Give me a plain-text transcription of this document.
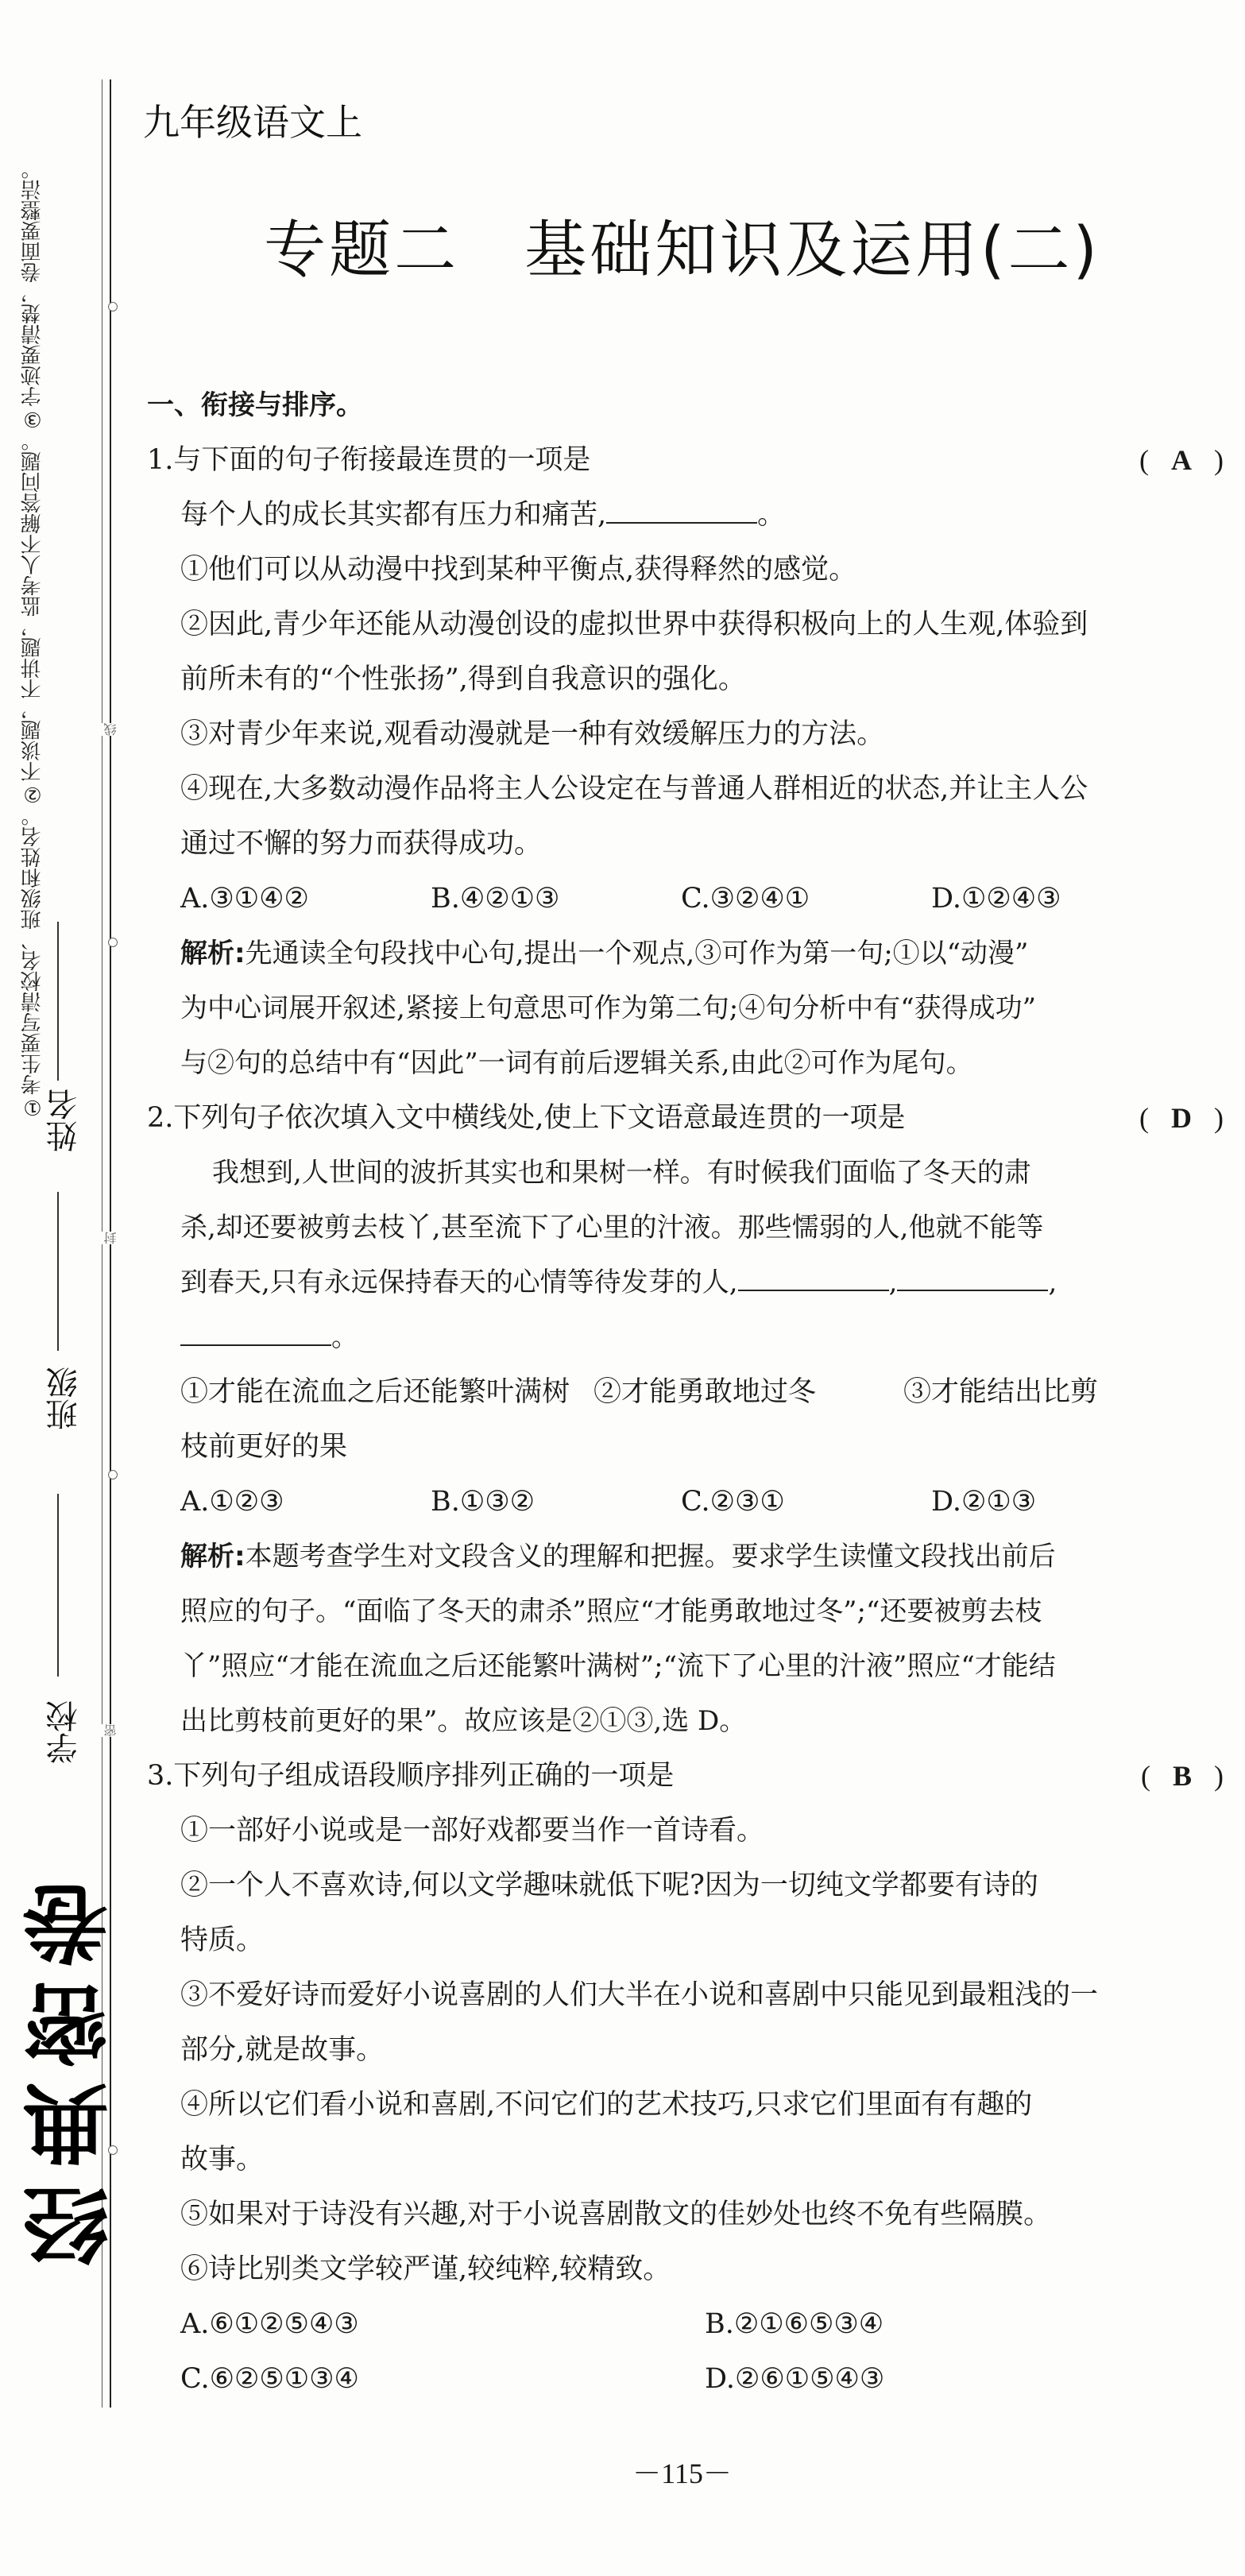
①考生要写清校名、班级和姓名。②不谈题，不讲题，监考人不解答问题。③字迹要清楚，卷面要整洁。
姓名
班级
学校
线
封
密
经典密卷
九年级语文上
专题二　基础知识及运用(二)
一、衔接与排序。
1.与下面的句子衔接最连贯的一项是	( A )
每个人的成长其实都有压力和痛苦,	。
①他们可以从动漫中找到某种平衡点,获得释然的感觉。
②因此,青少年还能从动漫创设的虚拟世界中获得积极向上的人生观,体验到
前所未有的“个性张扬”,得到自我意识的强化。
③对青少年来说,观看动漫就是一种有效缓解压力的方法。
④现在,大多数动漫作品将主人公设定在与普通人群相近的状态,并让主人公
通过不懈的努力而获得成功。
A.③①④②	B.④②①③	C.③②④①	D.①②④③
解析:先通读全句段找中心句,提出一个观点,③可作为第一句;①以“动漫”
为中心词展开叙述,紧接上句意思可作为第二句;④句分析中有“获得成功”
与②句的总结中有“因此”一词有前后逻辑关系,由此②可作为尾句。
2.下列句子依次填入文中横线处,使上下文语意最连贯的一项是	( D )
我想到,人世间的波折其实也和果树一样。有时候我们面临了冬天的肃
杀,却还要被剪去枝丫,甚至流下了心里的汁液。那些懦弱的人,他就不能等
到春天,只有永远保持春天的心情等待发芽的人,	,	,
。
①才能在流血之后还能繁叶满树 ②才能勇敢地过冬	③才能结出比剪
枝前更好的果
A.①②③	B.①③②	C.②③①	D.②①③
解析:本题考查学生对文段含义的理解和把握。要求学生读懂文段找出前后
照应的句子。“面临了冬天的肃杀”照应“才能勇敢地过冬”;“还要被剪去枝
丫”照应“才能在流血之后还能繁叶满树”;“流下了心里的汁液”照应“才能结
出比剪枝前更好的果”。故应该是②①③,选 D。
3.下列句子组成语段顺序排列正确的一项是	( B )
①一部好小说或是一部好戏都要当作一首诗看。
②一个人不喜欢诗,何以文学趣味就低下呢?因为一切纯文学都要有诗的
特质。
③不爱好诗而爱好小说喜剧的人们大半在小说和喜剧中只能见到最粗浅的一
部分,就是故事。
④所以它们看小说和喜剧,不问它们的艺术技巧,只求它们里面有有趣的
故事。
⑤如果对于诗没有兴趣,对于小说喜剧散文的佳妙处也终不免有些隔膜。
⑥诗比别类文学较严谨,较纯粹,较精致。
A.⑥①②⑤④③	B.②①⑥⑤③④
C.⑥②⑤①③④	D.②⑥①⑤④③
－115－
